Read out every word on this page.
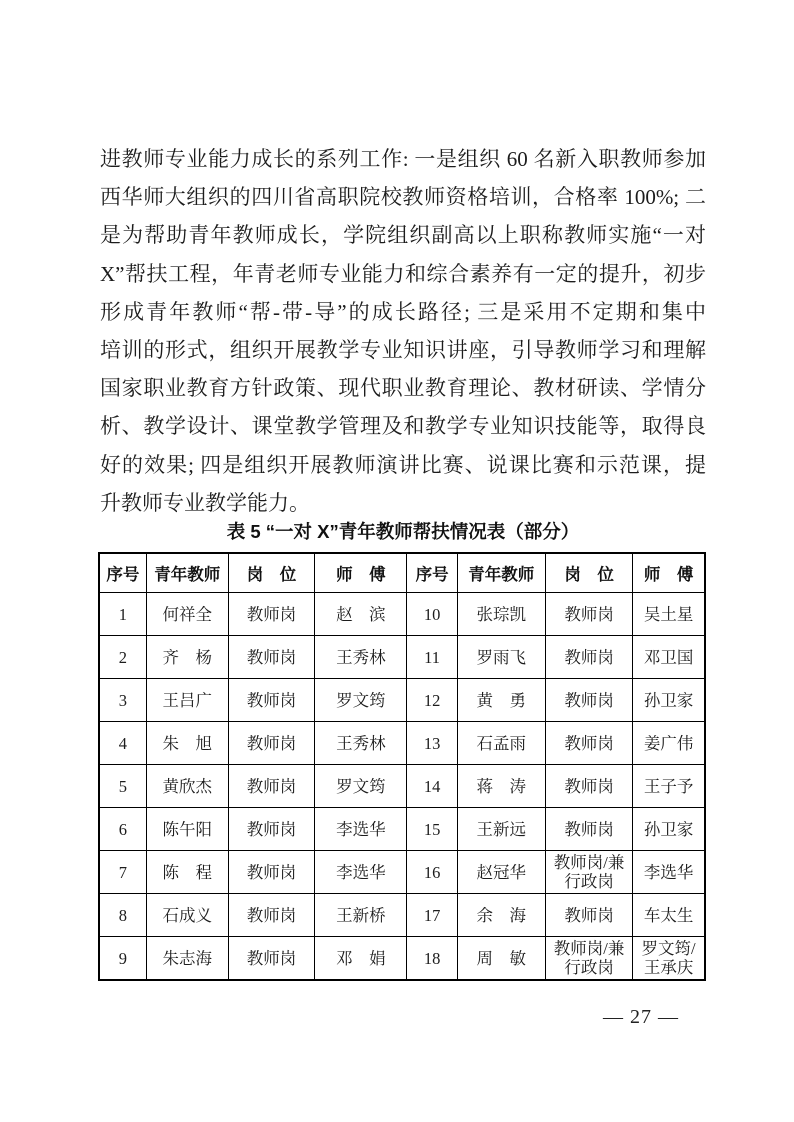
进教师专业能力成长的系列工作: 一是组织 60 名新入职教师参加
西华师大组织的四川省高职院校教师资格培训，合格率 100%; 二
是为帮助青年教师成长，学院组织副高以上职称教师实施“一对
X”帮扶工程，年青老师专业能力和综合素养有一定的提升，初步
形成青年教师“帮-带-导”的成长路径; 三是采用不定期和集中
培训的形式，组织开展教学专业知识讲座，引导教师学习和理解
国家职业教育方针政策、现代职业教育理论、教材研读、学情分
析、教学设计、课堂教学管理及和教学专业知识技能等，取得良
好的效果; 四是组织开展教师演讲比赛、说课比赛和示范课，提
升教师专业教学能力。
表 5 “一对 X”青年教师帮扶情况表（部分）
序号	青年教师	岗　位	师　傅	序号	青年教师	岗　位	师　傅
1	何祥全	教师岗	赵　滨	10	张琮凯	教师岗	吴土星
2	齐　杨	教师岗	王秀林	11	罗雨飞	教师岗	邓卫国
3	王吕广	教师岗	罗文筠	12	黄　勇	教师岗	孙卫家
4	朱　旭	教师岗	王秀林	13	石孟雨	教师岗	姜广伟
5	黄欣杰	教师岗	罗文筠	14	蒋　涛	教师岗	王子予
6	陈午阳	教师岗	李选华	15	王新远	教师岗	孙卫家
7	陈　程	教师岗	李选华	16	赵冠华	教师岗/兼行政岗	李选华
8	石成义	教师岗	王新桥	17	余　海	教师岗	车太生
9	朱志海	教师岗	邓　娟	18	周　敏	教师岗/兼行政岗	罗文筠/王承庆
— 27 —
